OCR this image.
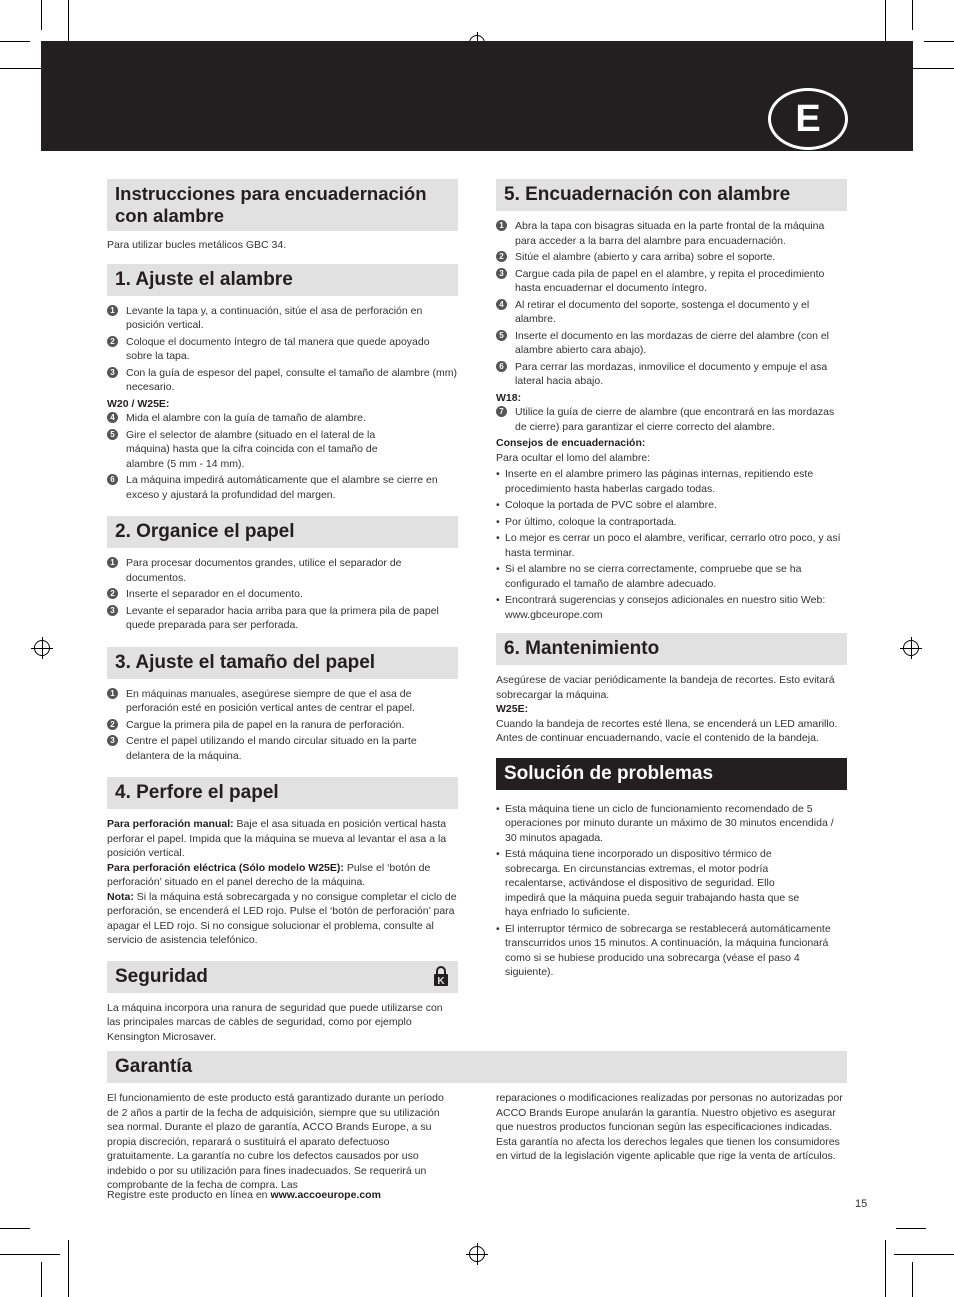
E
Instrucciones para encuadernación con alambre

Para utilizar bucles metálicos GBC 34.

1. Ajuste el alambre
1	Levante la tapa y, a continuación, sitúe el asa de perforación en posición vertical.
2	Coloque el documento íntegro de tal manera que quede apoyado sobre la tapa.
3	Con la guía de espesor del papel, consulte el tamaño de alambre (mm) necesario.
W20 / W25E:
4	Mida el alambre con la guía de tamaño de alambre.
5	Gire el selector de alambre (situado en el lateral de la máquina) hasta que la cifra coincida con el tamaño de alambre (5 mm - 14 mm).
6	La máquina impedirá automáticamente que el alambre se cierre en exceso y ajustará la profundidad del margen.
2. Organice el papel
1	Para procesar documentos grandes, utilice el separador de documentos.
2	Inserte el separador en el documento.
3	Levante el separador hacia arriba para que la primera pila de papel quede preparada para ser perforada.
3. Ajuste el tamaño del papel
1	En máquinas manuales, asegúrese siempre de que el asa de perforación esté en posición vertical antes de centrar el papel.
2	Cargue la primera pila de papel en la ranura de perforación.
3	Centre el papel utilizando el mando circular situado en la parte delantera de la máquina.
4. Perfore el papel

Para perforación manual: Baje el asa situada en posición vertical hasta perforar el papel. Impida que la máquina se mueva al levantar el asa a la posición vertical.

Para perforación eléctrica (Sólo modelo W25E): Pulse el ‘botón de perforación’ situado en el panel derecho de la máquina.

Nota: Si la máquina está sobrecargada y no consigue completar el ciclo de perforación, se encenderá el LED rojo. Pulse el ‘botón de perforación’ para apagar el LED rojo. Si no consigue solucionar el problema, consulte al servicio de asistencia telefónico.

Seguridad	K

La máquina incorpora una ranura de seguridad que puede utilizarse con las principales marcas de cables de seguridad, como por ejemplo Kensington Microsaver.

5. Encuadernación con alambre
1	Abra la tapa con bisagras situada en la parte frontal de la máquina para acceder a la barra del alambre para encuadernación.
2	Sitúe el alambre (abierto y cara arriba) sobre el soporte.
3	Cargue cada pila de papel en el alambre, y repita el procedimiento hasta encuadernar el documento íntegro.
4	Al retirar el documento del soporte, sostenga el documento y el alambre.
5	Inserte el documento en las mordazas de cierre del alambre (con el alambre abierto cara abajo).
6	Para cerrar las mordazas, inmovilice el documento y empuje el asa lateral hacia abajo.
W18:
7	Utilice la guía de cierre de alambre (que encontrará en las mordazas de cierre) para garantizar el cierre correcto del alambre.
Consejos de encuadernación:

Para ocultar el lomo del alambre:

• Inserte en el alambre primero las páginas internas, repitiendo este procedimiento hasta haberlas cargado todas.
• Coloque la portada de PVC sobre el alambre.
• Por último, coloque la contraportada.
• Lo mejor es cerrar un poco el alambre, verificar, cerrarlo otro poco, y así hasta terminar.
• Si el alambre no se cierra correctamente, compruebe que se ha configurado el tamaño de alambre adecuado.
• Encontrará sugerencias y consejos adicionales en nuestro sitio Web: www.gbceurope.com
6. Mantenimiento

Asegúrese de vaciar periódicamente la bandeja de recortes. Esto evitará sobrecargar la máquina.

W25E:

Cuando la bandeja de recortes esté llena, se encenderá un LED amarillo. Antes de continuar encuadernando, vacíe el contenido de la bandeja.

Solución de problemas
• Esta máquina tiene un ciclo de funcionamiento recomendado de 5 operaciones por minuto durante un máximo de 30 minutos encendida / 30 minutos apagada.
• Está máquina tiene incorporado un dispositivo térmico de sobrecarga. En circunstancias extremas, el motor podría recalentarse, activándose el dispositivo de seguridad. Ello impedirá que la máquina pueda seguir trabajando hasta que se haya enfriado lo suficiente.
• El interruptor térmico de sobrecarga se restablecerá automáticamente transcurridos unos 15 minutos. A continuación, la máquina funcionará como si se hubiese producido una sobrecarga (véase el paso 4 siguiente).
Garantía

El funcionamiento de este producto está garantizado durante un período de 2 años a partir de la fecha de adquisición, siempre que su utilización sea normal. Durante el plazo de garantía, ACCO Brands Europe, a su propia discreción, reparará o sustituirá el aparato defectuoso gratuitamente. La garantía no cubre los defectos causados por uso indebido o por su utilización para fines inadecuados. Se requerirá un comprobante de la fecha de compra. Las

reparaciones o modificaciones realizadas por personas no autorizadas por ACCO Brands Europe anularán la garantía. Nuestro objetivo es asegurar que nuestros productos funcionan según las especificaciones indicadas. Esta garantía no afecta los derechos legales que tienen los consumidores en virtud de la legislación vigente aplicable que rige la venta de artículos.

Registre este producto en línea en www.accoeurope.com

15
